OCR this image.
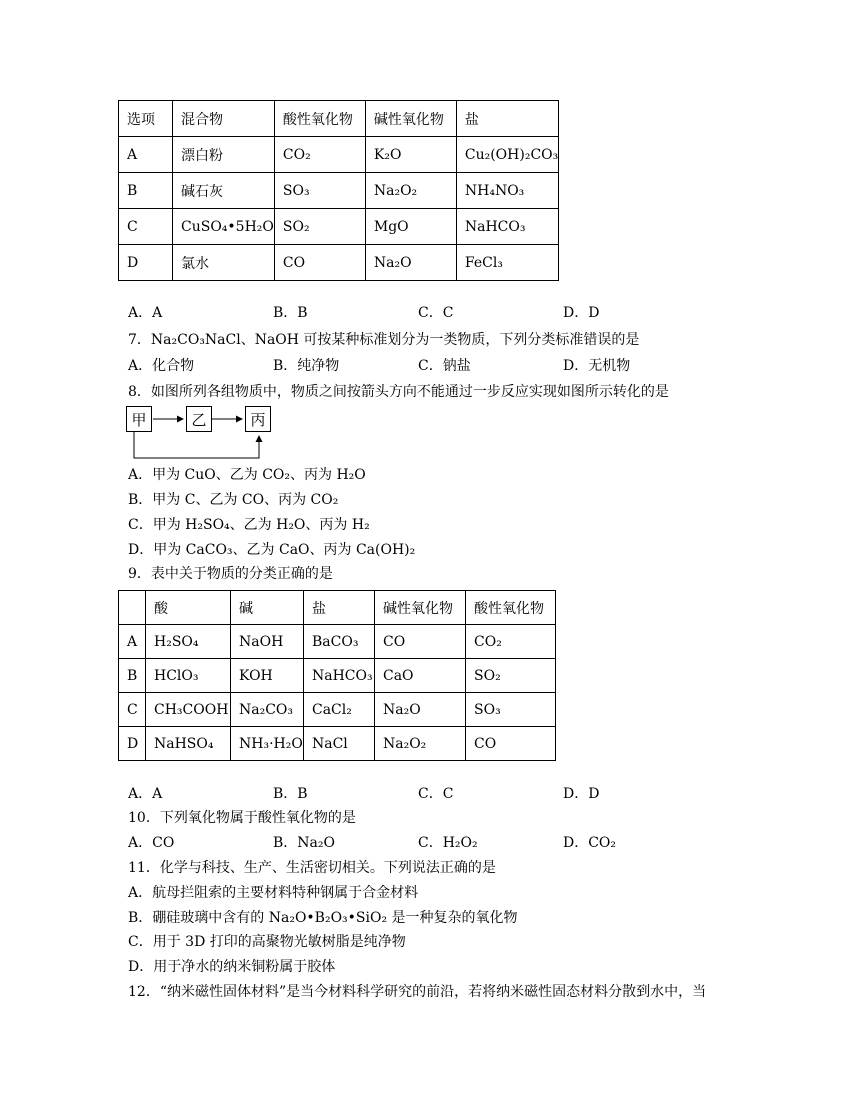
选项	混合物	酸性氧化物	碱性氧化物	盐
A	漂白粉	CO₂	K₂O	Cu₂(OH)₂CO₃
B	碱石灰	SO₃	Na₂O₂	NH₄NO₃
C	CuSO₄•5H₂O	SO₂	MgO	NaHCO₃
D	氯水	CO	Na₂O	FeCl₃
A．A	B．B	C．C	D．D
7．Na₂CO₃NaCl、NaOH 可按某种标准划分为一类物质，下列分类标准错误的是
A．化合物	B．纯净物	C．钠盐	D．无机物
8．如图所列各组物质中，物质之间按箭头方向不能通过一步反应实现如图所示转化的是
甲	乙	丙
A．甲为 CuO、乙为 CO₂、丙为 H₂O
B．甲为 C、乙为 CO、丙为 CO₂
C．甲为 H₂SO₄、乙为 H₂O、丙为 H₂
D．甲为 CaCO₃、乙为 CaO、丙为 Ca(OH)₂
9．表中关于物质的分类正确的是
	酸	碱	盐	碱性氧化物	酸性氧化物
A	H₂SO₄	NaOH	BaCO₃	CO	CO₂
B	HClO₃	KOH	NaHCO₃	CaO	SO₂
C	CH₃COOH	Na₂CO₃	CaCl₂	Na₂O	SO₃
D	NaHSO₄	NH₃·H₂O	NaCl	Na₂O₂	CO
A．A	B．B	C．C	D．D
10．下列氧化物属于酸性氧化物的是
A．CO	B．Na₂O	C．H₂O₂	D．CO₂
11．化学与科技、生产、生活密切相关。下列说法正确的是
A．航母拦阻索的主要材料特种钢属于合金材料
B．硼硅玻璃中含有的 Na₂O•B₂O₃•SiO₂ 是一种复杂的氧化物
C．用于 3D 打印的高聚物光敏树脂是纯净物
D．用于净水的纳米铜粉属于胶体
12．“纳米磁性固体材料”是当今材料科学研究的前沿，若将纳米磁性固态材料分散到水中，当
